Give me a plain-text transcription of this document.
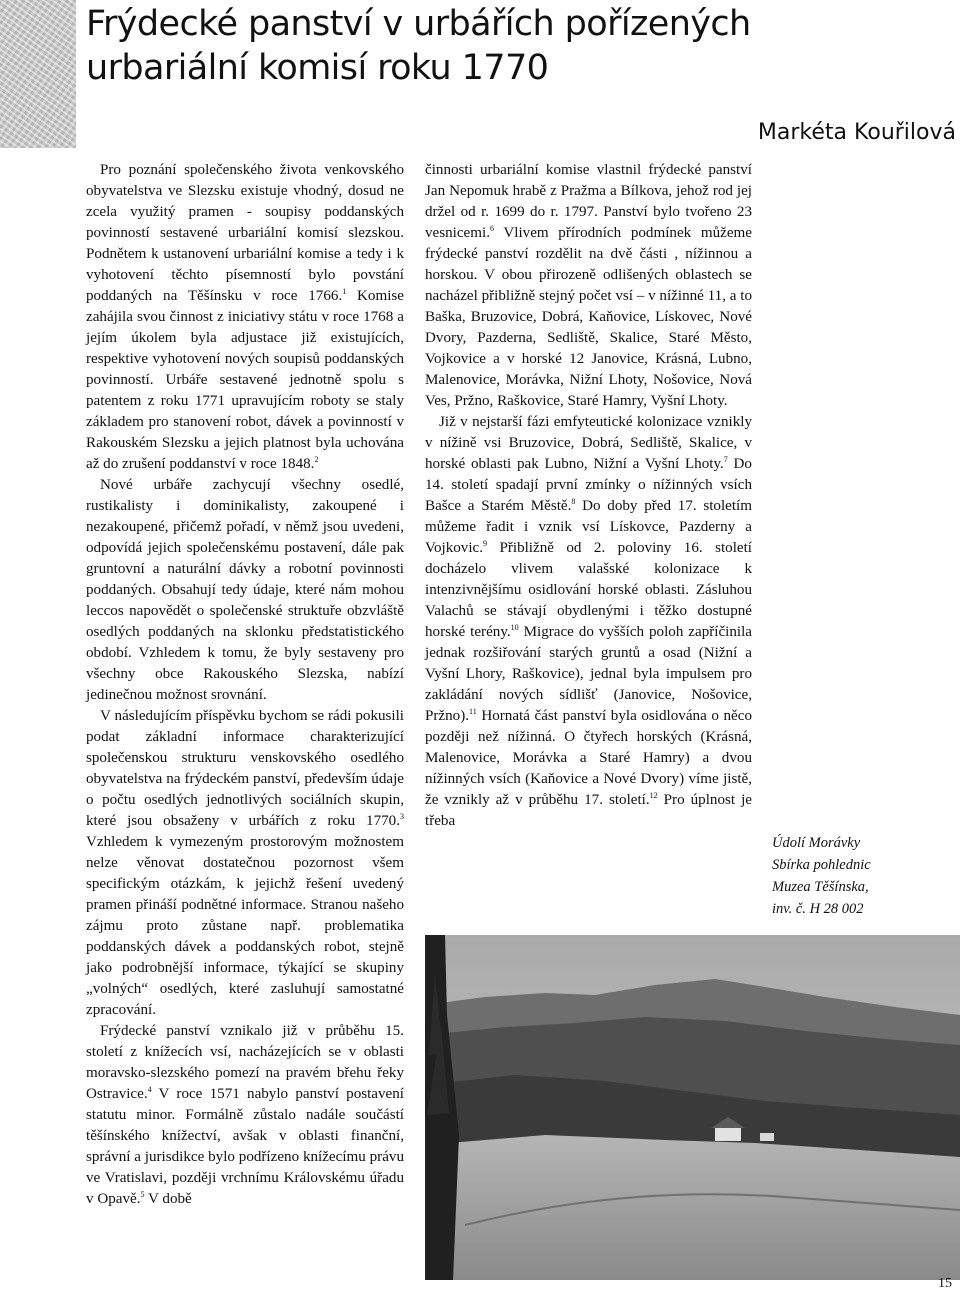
Frýdecké panství v urbářích pořízených
urbariální komisí roku 1770
Markéta Kouřilová

Pro poznání společenského života venkovského obyvatelstva ve Slezsku existuje vhodný, dosud ne zcela využitý pramen - soupisy poddanských povinností sestavené urbariální komisí slezskou. Podnětem k ustanovení urbariální komise a tedy i k vyhotovení těchto písemností bylo povstání poddaných na Těšínsku v roce 1766.$^1$ Komise zahájila svou činnost z iniciativy státu v roce 1768 a jejím úkolem byla adjustace již existujících, respektive vyhotovení nových soupisů poddanských povinností. Urbáře sestavené jednotně spolu s patentem z roku 1771 upravujícím roboty se staly základem pro stanovení robot, dávek a povinností v Rakouském Slezsku a jejich platnost byla uchována až do zrušení poddanství v roce 1848.$^2$

Nové urbáře zachycují všechny osedlé, rustikalisty i dominikalisty, zakoupené i nezakoupené, přičemž pořadí, v němž jsou uvedeni, odpovídá jejich společenskému postavení, dále pak gruntovní a naturální dávky a robotní povinnosti poddaných. Obsahují tedy údaje, které nám mohou leccos napovědět o společenské struktuře obzvláště osedlých poddaných na sklonku předstatistického období. Vzhledem k tomu, že byly sestaveny pro všechny obce Rakouského Slezska, nabízí jedinečnou možnost srovnání.

V následujícím příspěvku bychom se rádi pokusili podat základní informace charakterizující společenskou strukturu venskovského osedlého obyvatelstva na frýdeckém panství, především údaje o počtu osedlých jednotlivých sociálních skupin, které jsou obsaženy v urbářích z roku 1770.$^3$ Vzhledem k vymezeným prostorovým možnostem nelze věnovat dostatečnou pozornost všem specifickým otázkám, k jejichž řešení uvedený pramen přináší podnětné informace. Stranou našeho zájmu proto zůstane např. problematika poddanských dávek a poddanských robot, stejně jako podrobnější informace, týkající se skupiny „volných“ osedlých, které zasluhují samostatné zpracování.

Frýdecké panství vznikalo již v průběhu 15. století z knížecích vsí, nacházejících se v oblasti moravsko-slezského pomezí na pravém břehu řeky Ostravice.$^4$ V roce 1571 nabylo panství postavení statutu minor. Formálně zůstalo nadále součástí těšínského knížectví, avšak v oblasti finanční, správní a jurisdikce bylo podřízeno knížecímu právu ve Vratislavi, později vrchnímu Královskému úřadu v Opavě.$^5$ V době

činnosti urbariální komise vlastnil frýdecké panství Jan Nepomuk hrabě z Pražma a Bílkova, jehož rod jej držel od r. 1699 do r. 1797. Panství bylo tvořeno 23 vesnicemi.$^6$ Vlivem přírodních podmínek můžeme frýdecké panství rozdělit na dvě části , nížinnou a horskou. V obou přirozeně odlišených oblastech se nacházel přibližně stejný počet vsí – v nížinné 11, a to Baška, Bruzovice, Dobrá, Kaňovice, Lískovec, Nové Dvory, Pazderna, Sedliště, Skalice, Staré Město, Vojkovice a v horské 12 Janovice, Krásná, Lubno, Malenovice, Morávka, Nižní Lhoty, Nošovice, Nová Ves, Pržno, Raškovice, Staré Hamry, Vyšní Lhoty.

Již v nejstarší fázi emfyteutické kolonizace vznikly v nížině vsi Bruzovice, Dobrá, Sedliště, Skalice, v horské oblasti pak Lubno, Nižní a Vyšní Lhoty.$^7$ Do 14. století spadají první zmínky o nížinných vsích Bašce a Starém Městě.$^8$ Do doby před 17. stoletím můžeme řadit i vznik vsí Lískovce, Pazderny a Vojkovic.$^9$ Přibližně od 2. poloviny 16. století docházelo vlivem valašské kolonizace k intenzivnějšímu osidlování horské oblasti. Zásluhou Valachů se stávají obydlenými i těžko dostupné horské terény.$^{10}$ Migrace do vyšších poloh zapříčinila jednak rozšiřování starých gruntů a osad (Nižní a Vyšní Lhory, Raškovice), jednal byla impulsem pro zakládání nových sídlišť (Janovice, Nošovice, Pržno).$^{11}$ Hornatá část panství byla osidlována o něco později než nížinná. O čtyřech horských (Krásná, Malenovice, Morávka a Staré Hamry) a dvou nížinných vsích (Kaňovice a Nové Dvory) víme jistě, že vznikly až v průběhu 17. století.$^{12}$ Pro úplnost je třeba

Údolí Morávky
Sbírka pohlednic
Muzea Těšínska,
inv. č. H 28 002
15
